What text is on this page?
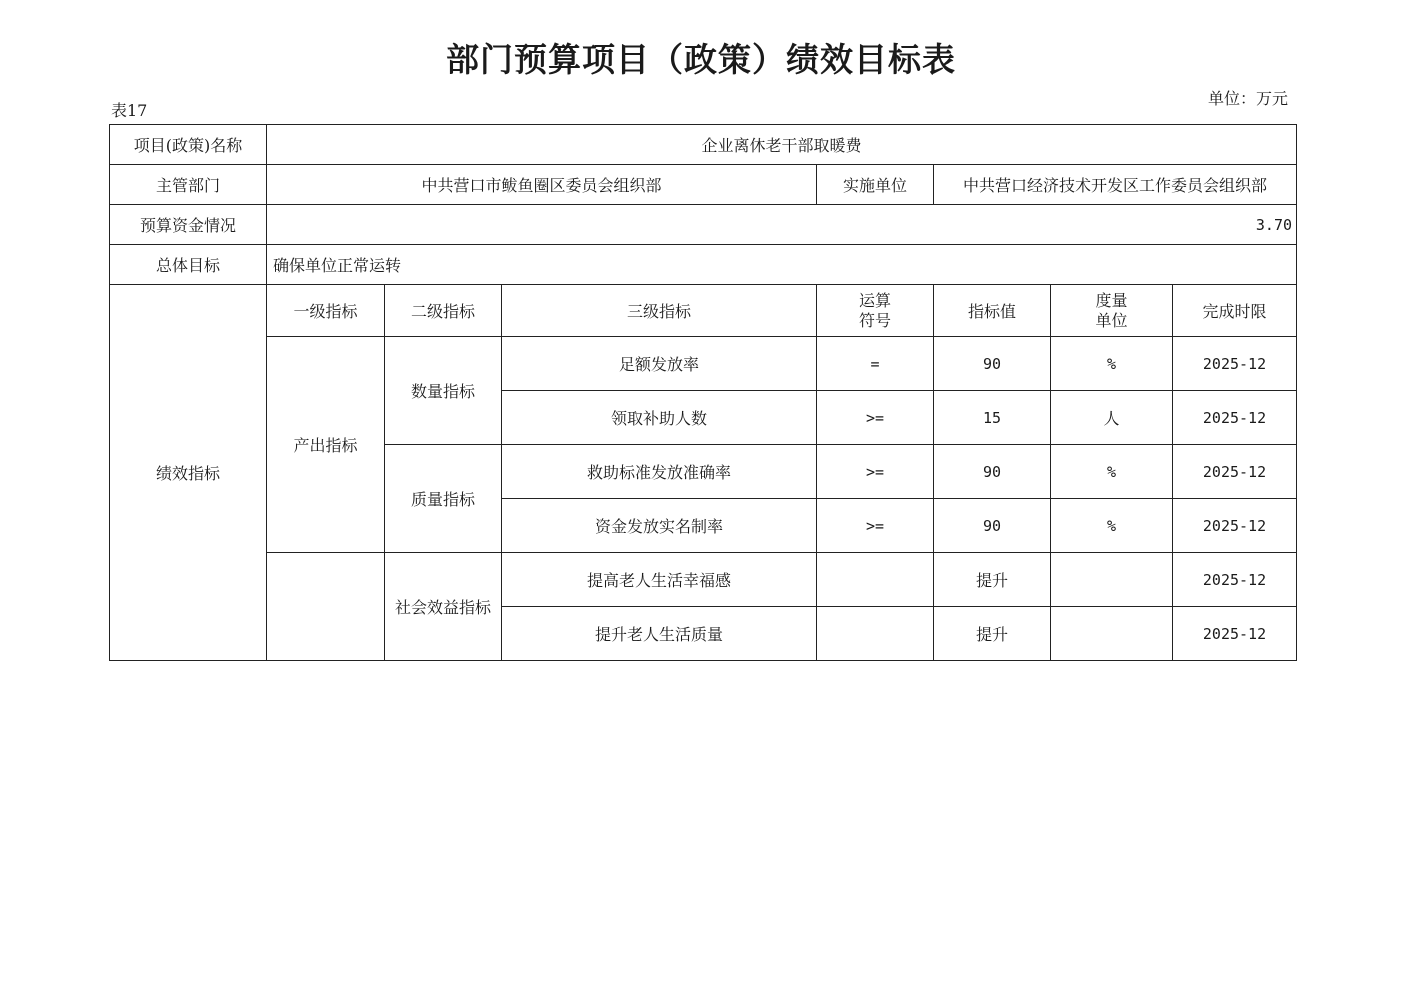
部门预算项目（政策）绩效目标表
表17
单位：万元
项目(政策)名称	企业离休老干部取暖费						
主管部门	中共营口市鲅鱼圈区委员会组织部			实施单位	中共营口经济技术开发区工作委员会组织部		
预算资金情况	3.70						
总体目标	确保单位正常运转						
绩效指标	一级指标	二级指标	三级指标	运算符号	指标值	度量单位	完成时限
	产出指标	数量指标	足额发放率	=	90	%	2025-12
			领取补助人数	>=	15	人	2025-12
		质量指标	救助标准发放准确率	>=	90	%	2025-12
			资金发放实名制率	>=	90	%	2025-12
		社会效益指标	提高老人生活幸福感		提升		2025-12
			提升老人生活质量		提升		2025-12
